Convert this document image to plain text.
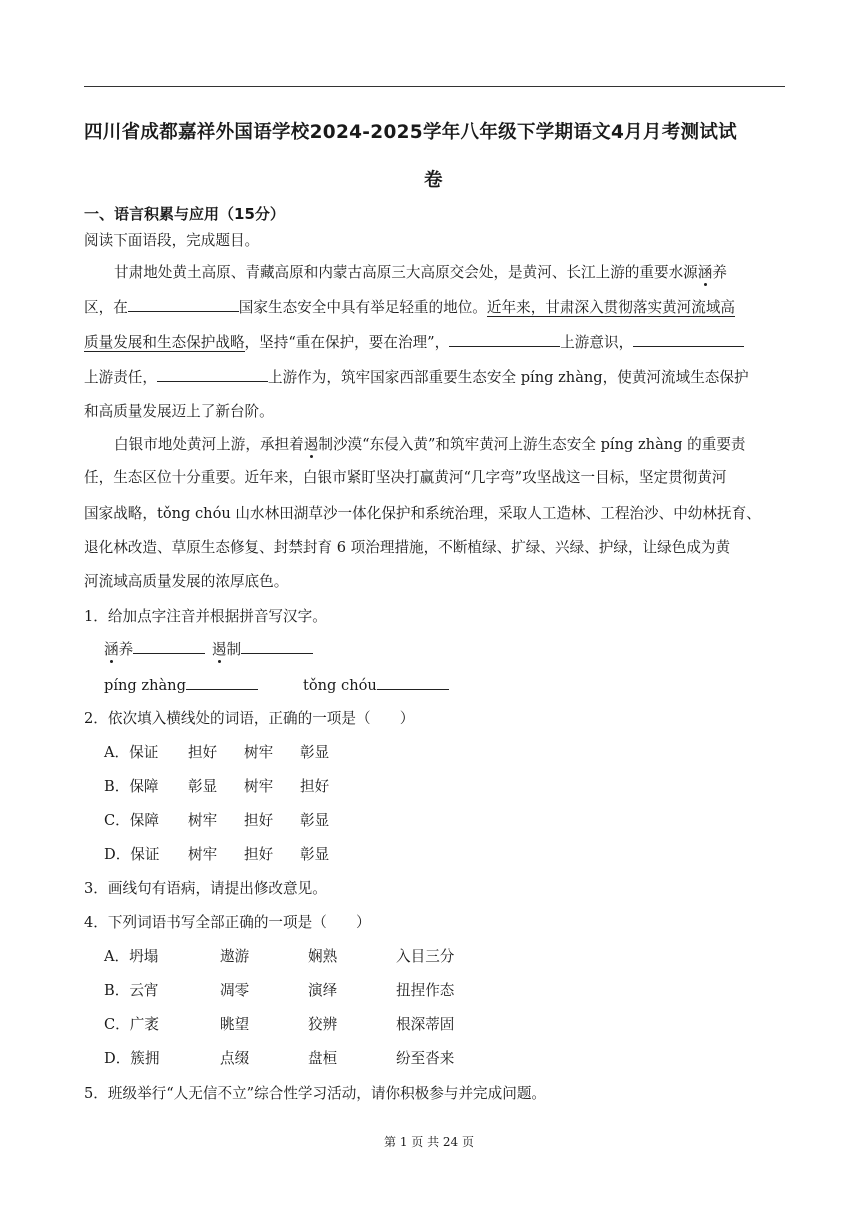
四川省成都嘉祥外国语学校2024-2025学年八年级下学期语文4月月考测试试
卷
一、语言积累与应用（15分）
阅读下面语段，完成题目。
甘肃地处黄土高原、青藏高原和内蒙古高原三大高原交会处，是黄河、长江上游的重要水源涵养
区，在	国家生态安全中具有举足轻重的地位。近年来，甘肃深入贯彻落实黄河流域高
质量发展和生态保护战略，坚持“重在保护，要在治理”，	上游意识，
上游责任，	上游作为，筑牢国家西部重要生态安全 píng zhàng，使黄河流域生态保护
和高质量发展迈上了新台阶。
白银市地处黄河上游，承担着遏制沙漠“东侵入黄”和筑牢黄河上游生态安全 píng zhàng 的重要责
任，生态区位十分重要。近年来，白银市紧盯坚决打赢黄河“几字弯”攻坚战这一目标，坚定贯彻黄河
国家战略，tǒng chóu 山水林田湖草沙一体化保护和系统治理，采取人工造林、工程治沙、中幼林抚育、
退化林改造、草原生态修复、封禁封育 6 项治理措施，不断植绿、扩绿、兴绿、护绿，让绿色成为黄
河流域高质量发展的浓厚底色。
1．给加点字注音并根据拼音写汉字。
涵养	遏制
píng zhàng	tǒng chóu
2．依次填入横线处的词语，正确的一项是（　　）
A．保证 担好 树牢 彰显
B．保障 彰显 树牢 担好
C．保障 树牢 担好 彰显
D．保证 树牢 担好 彰显
3．画线句有语病，请提出修改意见。
4．下列词语书写全部正确的一项是（　　）
A．坍塌	遨游	娴熟	入目三分
B．云宵	凋零	演绎	扭捏作态
C．广袤	眺望	狡辨	根深蒂固
D．簇拥	点缀	盘桓	纷至沓来
5．班级举行“人无信不立”综合性学习活动，请你积极参与并完成问题。
第 1 页 共 24 页
